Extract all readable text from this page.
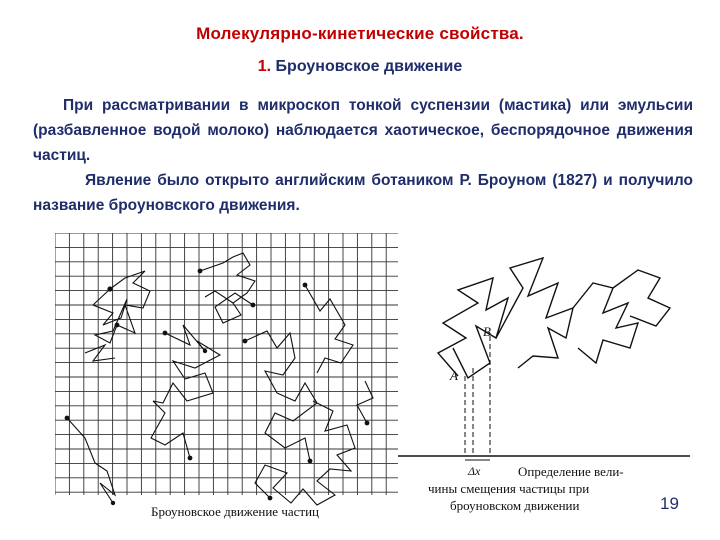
Молекулярно-кинетические свойства.
1. Броуновское движение

При рассматривании в микроскоп тонкой суспензии (мастика) или эмульсии (разбавленное водой молоко) наблюдается хаотическое, беспорядочное движения частиц.

Явление было открыто английским ботаником Р. Броуном (1827) и получило название броуновского движения.

Броуновское движение частиц
A
B
Δx	Определение вели-
чины смещения частицы при
броуновском движении	19
